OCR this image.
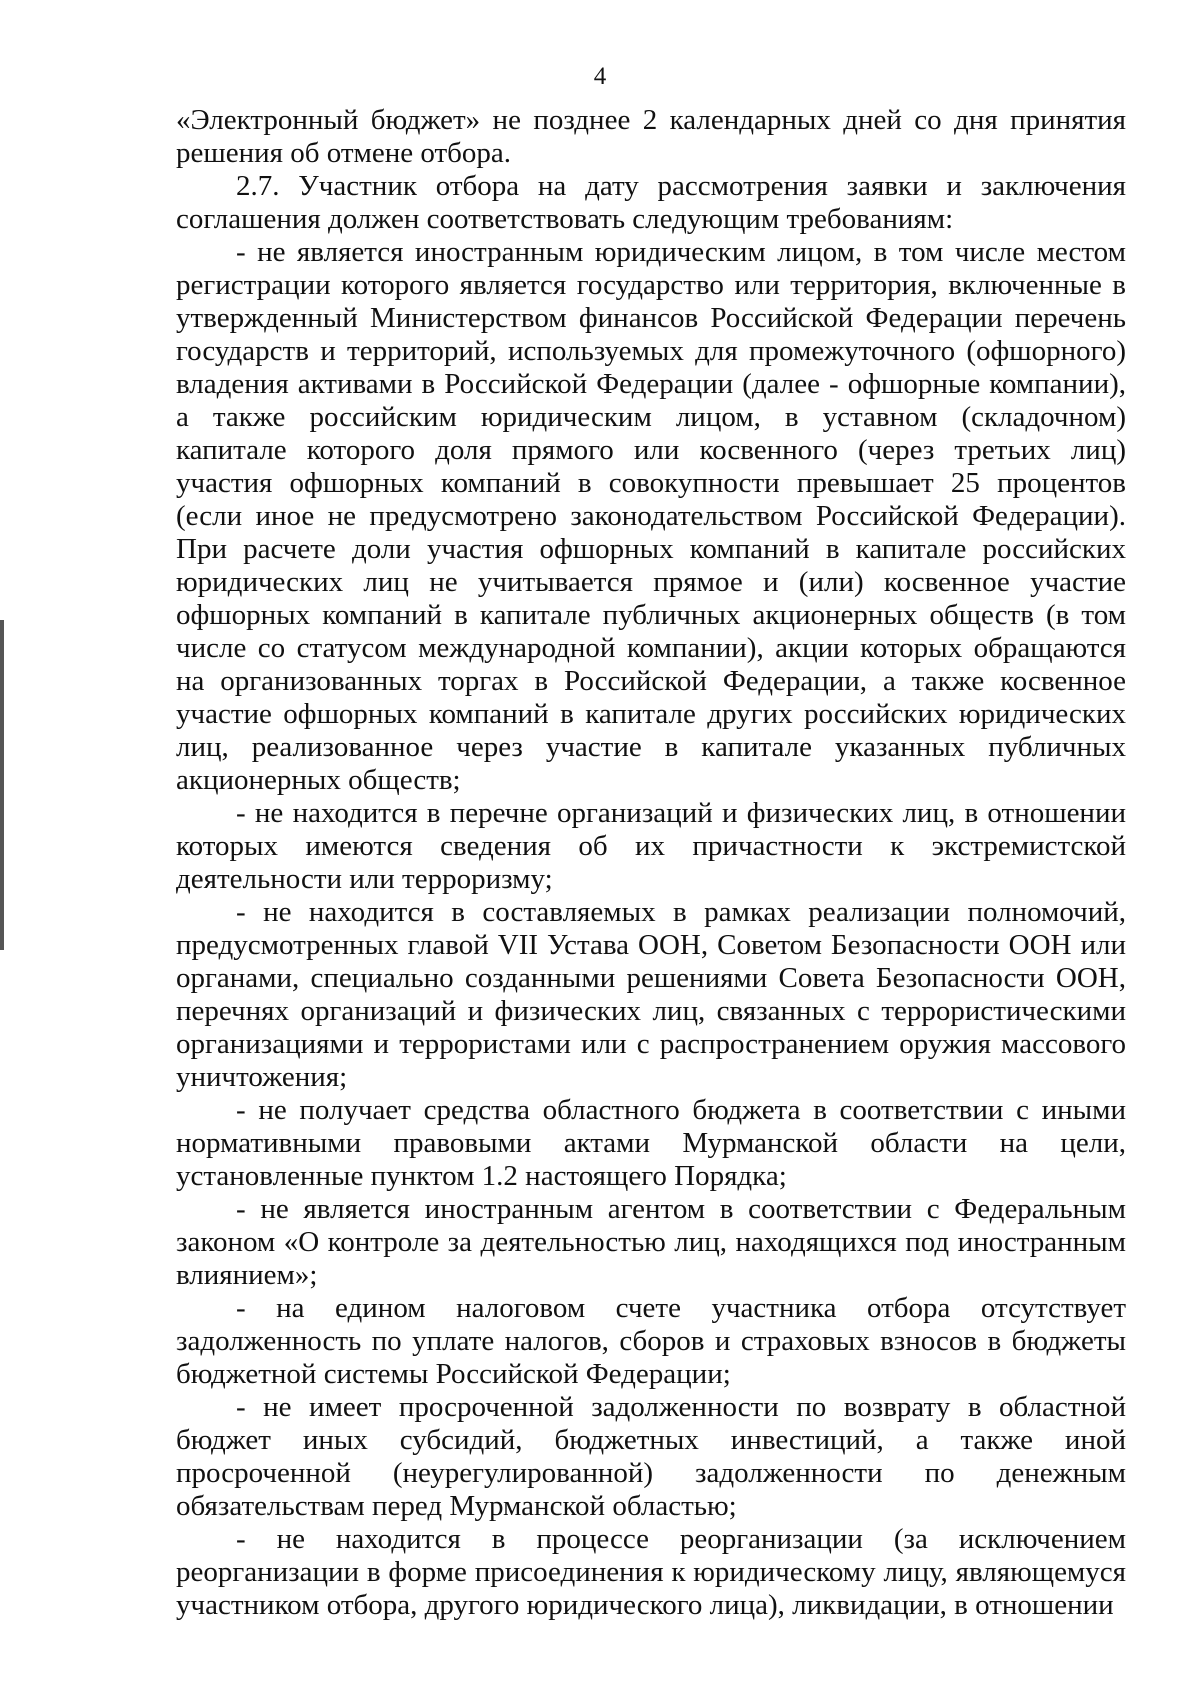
4

«Электронный бюджет» не позднее 2 календарных дней со дня принятия решения об отмене отбора.

2.7. Участник отбора на дату рассмотрения заявки и заключения соглашения должен соответствовать следующим требованиям:

- не является иностранным юридическим лицом, в том числе местом регистрации которого является государство или территория, включенные в утвержденный Министерством финансов Российской Федерации перечень государств и территорий, используемых для промежуточного (офшорного) владения активами в Российской Федерации (далее - офшорные компании), а также российским юридическим лицом, в уставном (складочном) капитале которого доля прямого или косвенного (через третьих лиц) участия офшорных компаний в совокупности превышает 25 процентов (если иное не предусмотрено законодательством Российской Федерации). При расчете доли участия офшорных компаний в капитале российских юридических лиц не учитывается прямое и (или) косвенное участие офшорных компаний в капитале публичных акционерных обществ (в том числе со статусом международной компании), акции которых обращаются на организованных торгах в Российской Федерации, а также косвенное участие офшорных компаний в капитале других российских юридических лиц, реализованное через участие в капитале указанных публичных акционерных обществ;

- не находится в перечне организаций и физических лиц, в отношении которых имеются сведения об их причастности к экстремистской деятельности или терроризму;

- не находится в составляемых в рамках реализации полномочий, предусмотренных главой VII Устава ООН, Советом Безопасности ООН или органами, специально созданными решениями Совета Безопасности ООН, перечнях организаций и физических лиц, связанных с террористическими организациями и террористами или с распространением оружия массового уничтожения;

- не получает средства областного бюджета в соответствии с иными нормативными правовыми актами Мурманской области на цели, установленные пунктом 1.2 настоящего Порядка;

- не является иностранным агентом в соответствии с Федеральным законом «О контроле за деятельностью лиц, находящихся под иностранным влиянием»;

- на едином налоговом счете участника отбора отсутствует задолженность по уплате налогов, сборов и страховых взносов в бюджеты бюджетной системы Российской Федерации;

- не имеет просроченной задолженности по возврату в областной бюджет иных субсидий, бюджетных инвестиций, а также иной просроченной (неурегулированной) задолженности по денежным обязательствам перед Мурманской областью;

- не находится в процессе реорганизации (за исключением реорганизации в форме присоединения к юридическому лицу, являющемуся участником отбора, другого юридического лица), ликвидации, в отношении
